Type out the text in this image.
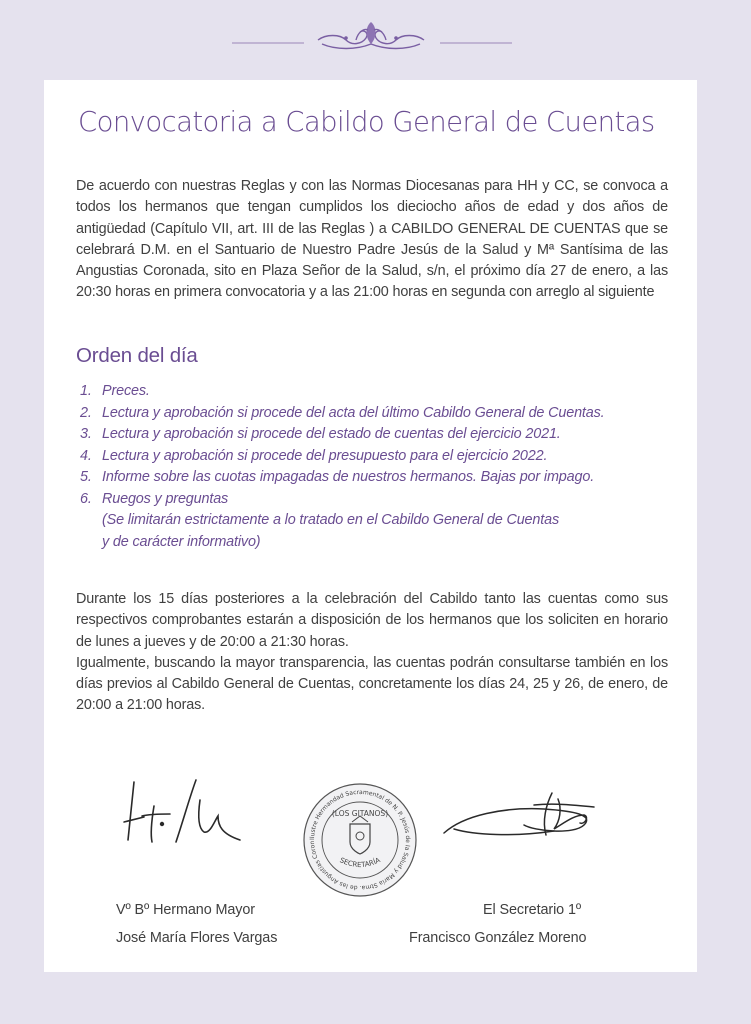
Convocatoria a Cabildo General de Cuentas
De acuerdo con nuestras Reglas y con las Normas Diocesanas para HH y CC, se convoca a todos los hermanos que tengan cumplidos los dieciocho años de edad y dos años de antigüedad (Capítulo VII, art. III de las Reglas ) a CABILDO GENERAL DE CUENTAS que se celebrará D.M. en el Santuario de Nuestro Padre Jesús de la Salud y Mª Santísima de las Angustias Coronada, sito en Plaza Señor de la Salud, s/n, el próximo día 27 de enero, a las 20:30 horas en primera convocatoria y a las 21:00 horas en segunda con arreglo al siguiente
Orden del día
1. Preces.
2. Lectura y aprobación si procede del acta del último Cabildo General de Cuentas.
3. Lectura y aprobación si procede del estado de cuentas del ejercicio 2021.
4. Lectura y aprobación si procede del presupuesto para el ejercicio 2022.
5. Informe sobre las cuotas impagadas de nuestros hermanos. Bajas por impago.
6. Ruegos y preguntas
(Se limitarán estrictamente a lo tratado en el Cabildo General de Cuentas
y de carácter informativo)

Durante los 15 días posteriores a la celebración del Cabildo tanto las cuentas como sus respectivos comprobantes estarán a disposición de los hermanos que los soliciten en horario de lunes a jueves y de 20:00 a 21:30 horas.

Igualmente, buscando la mayor transparencia, las cuentas podrán consultarse también en los días previos al Cabildo General de Cuentas, concretamente los días 24, 25 y 26, de enero, de 20:00 a 21:00 horas.

Ilustre Hermandad Sacramental de N. P. Jesús de la Salud y María Stma. de las Angustias Coron
(LOS GITANOS)
SECRETARÍA
Vº Bº Hermano Mayor
José María Flores Vargas
El Secretario 1º
Francisco González Moreno
